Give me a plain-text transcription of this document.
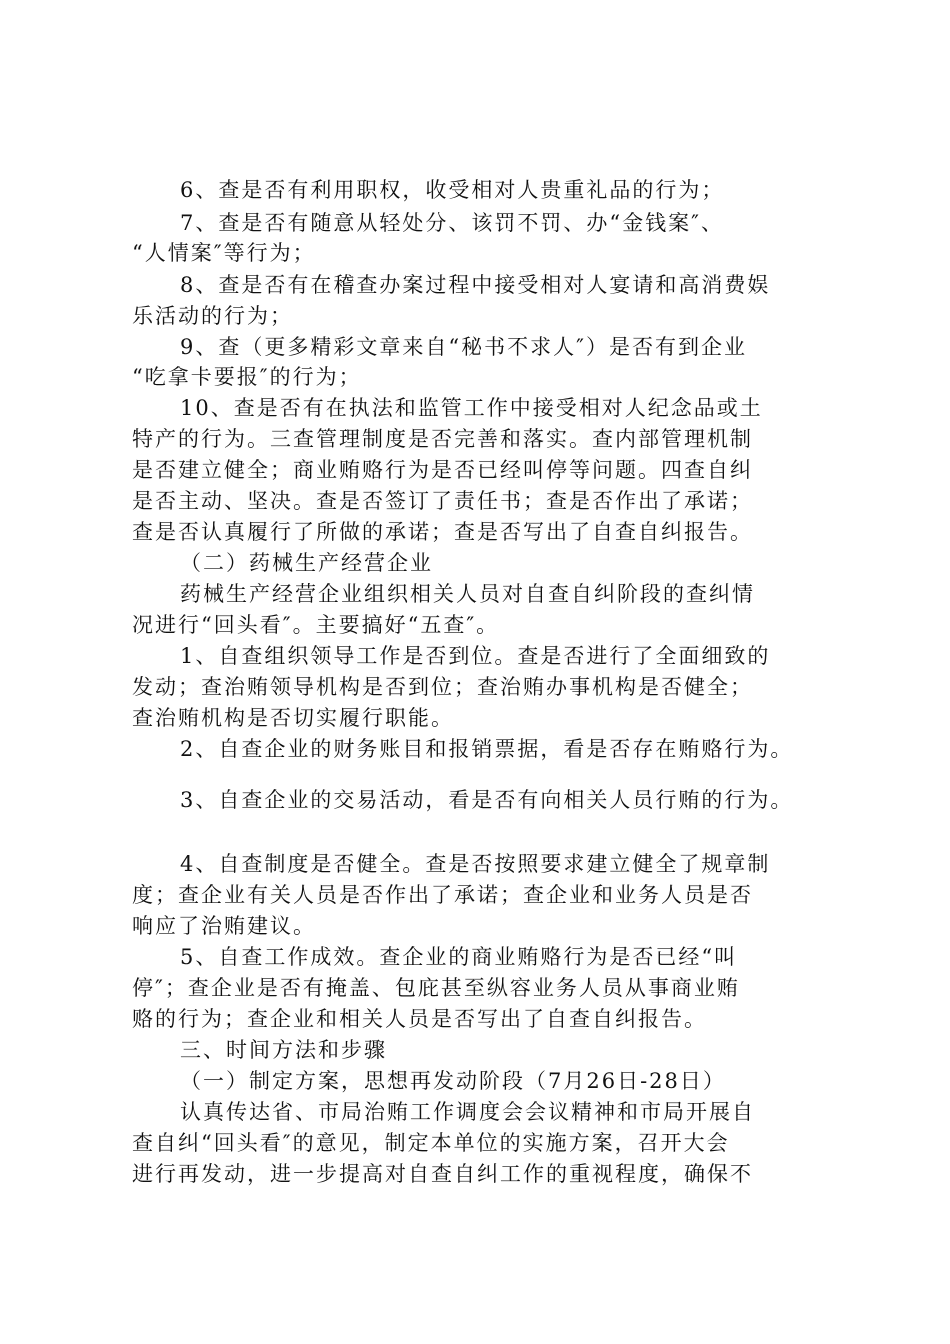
6、查是否有利用职权，收受相对人贵重礼品的行为；
7、查是否有随意从轻处分、该罚不罚、办“金钱案″、
“人情案″等行为；
8、查是否有在稽查办案过程中接受相对人宴请和高消费娱
乐活动的行为；
9、查（更多精彩文章来自“秘书不求人″）是否有到企业
“吃拿卡要报″的行为；
10、查是否有在执法和监管工作中接受相对人纪念品或土
特产的行为。三查管理制度是否完善和落实。查内部管理机制
是否建立健全；商业贿赂行为是否已经叫停等问题。四查自纠
是否主动、坚决。查是否签订了责任书；查是否作出了承诺；
查是否认真履行了所做的承诺；查是否写出了自查自纠报告。
（二）药械生产经营企业
药械生产经营企业组织相关人员对自查自纠阶段的查纠情
况进行“回头看″。主要搞好“五查″。
1、自查组织领导工作是否到位。查是否进行了全面细致的
发动；查治贿领导机构是否到位；查治贿办事机构是否健全；
查治贿机构是否切实履行职能。
2、自查企业的财务账目和报销票据，看是否存在贿赂行为。
3、自查企业的交易活动，看是否有向相关人员行贿的行为。
4、自查制度是否健全。查是否按照要求建立健全了规章制
度；查企业有关人员是否作出了承诺；查企业和业务人员是否
响应了治贿建议。
5、自查工作成效。查企业的商业贿赂行为是否已经“叫
停″；查企业是否有掩盖、包庇甚至纵容业务人员从事商业贿
赂的行为；查企业和相关人员是否写出了自查自纠报告。
三、时间方法和步骤
（一）制定方案，思想再发动阶段（7月26日-28日）
认真传达省、市局治贿工作调度会会议精神和市局开展自
查自纠“回头看″的意见，制定本单位的实施方案，召开大会
进行再发动，进一步提高对自查自纠工作的重视程度，确保不
